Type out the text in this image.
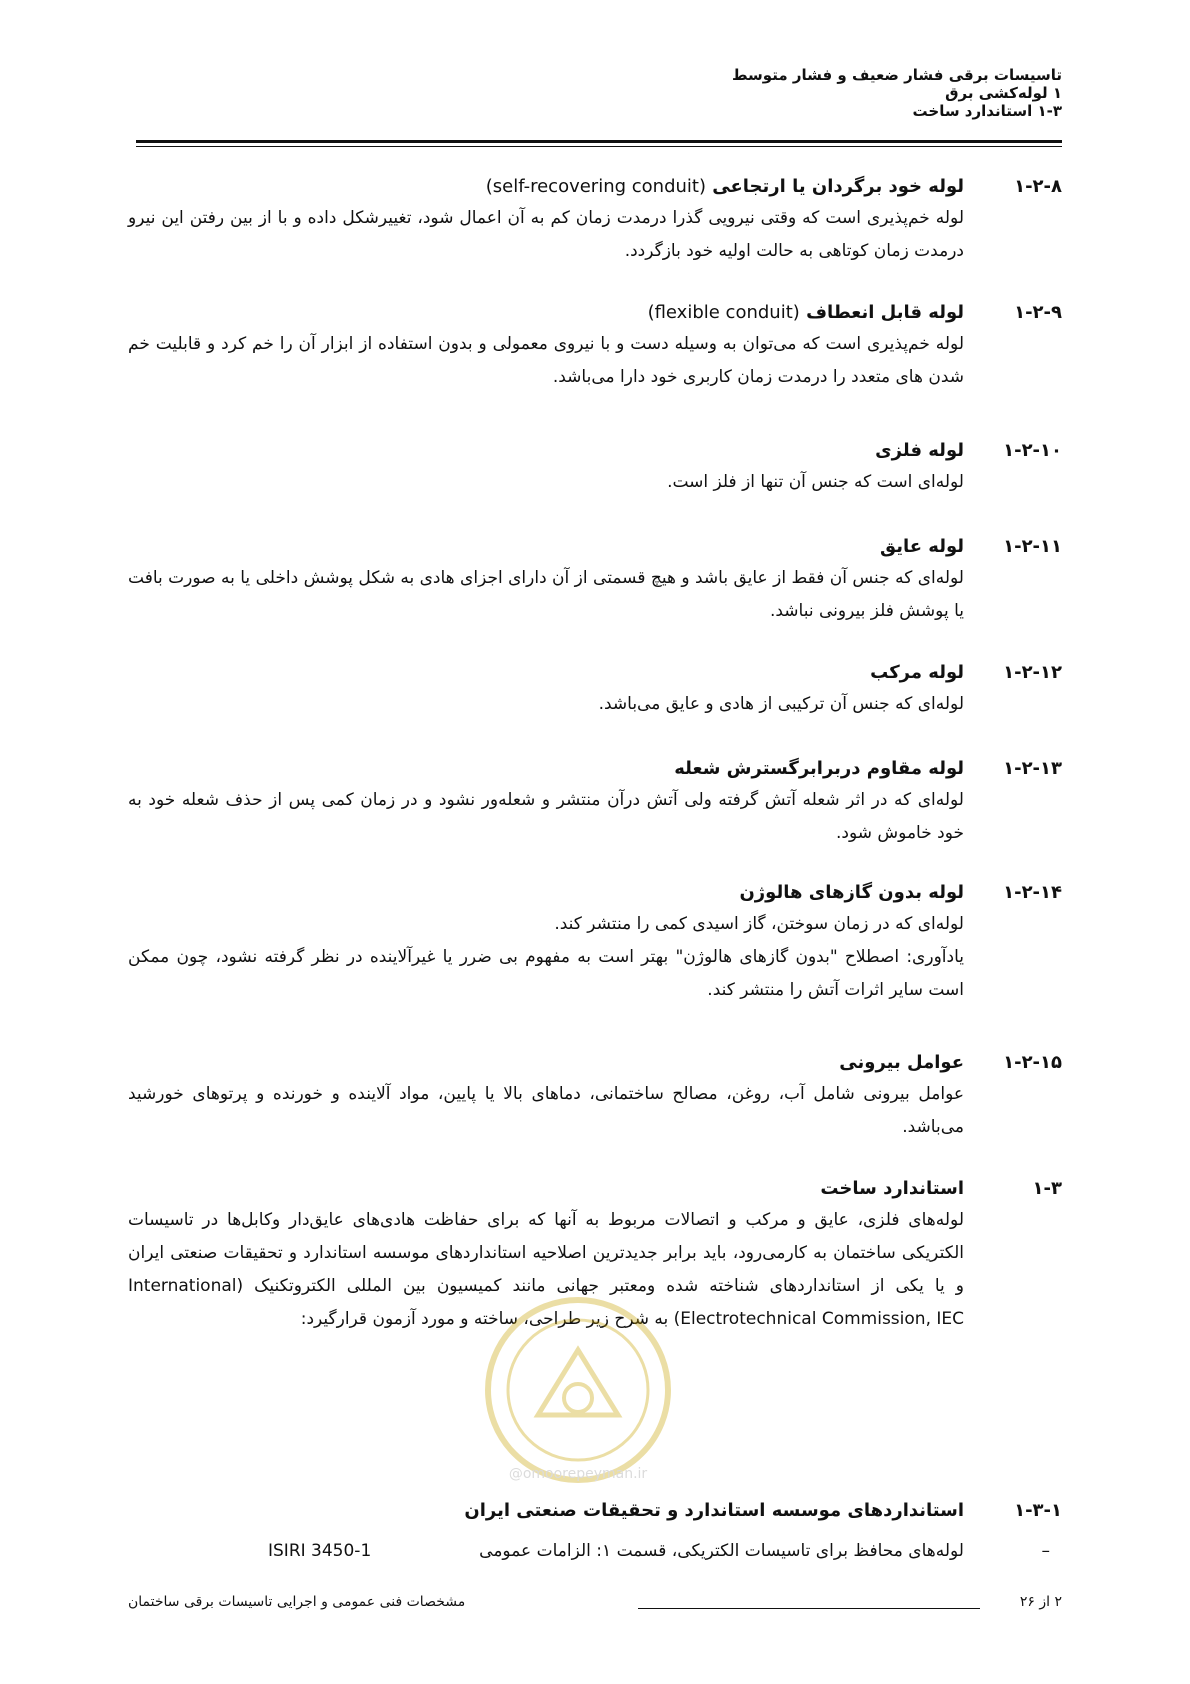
تاسیسات برقی فشار ضعیف و فشار متوسط
۱ لوله‌کشی برق
۱-۳ استاندارد ساخت
۱-۲-۸
لوله خود برگردان یا ارتجاعی (self-recovering conduit)

لوله خم‌پذیری است که وقتی نیرویی گذرا درمدت زمان کم به آن اعمال شود، تغییرشکل داده و با از بین رفتن این نیرو درمدت زمان کوتاهی به حالت اولیه خود بازگردد.

۱-۲-۹
لوله قابل انعطاف (flexible conduit)

لوله خم‌پذیری است که می‌توان به وسیله دست و با نیروی معمولی و بدون استفاده از ابزار آن را خم کرد و قابلیت خم شدن های متعدد را درمدت زمان کاربری خود دارا می‌باشد.

۱-۲-۱۰
لوله فلزی

لوله‌ای است که جنس آن تنها از فلز است.

۱-۲-۱۱
لوله عایق

لوله‌ای که جنس آن فقط از عایق باشد و هیچ قسمتی از آن دارای اجزای هادی به شکل پوشش داخلی یا به صورت بافت یا پوشش فلز بیرونی نباشد.

۱-۲-۱۲
لوله مرکب

لوله‌ای که جنس آن ترکیبی از هادی و عایق می‌باشد.

۱-۲-۱۳
لوله مقاوم دربرابرگسترش شعله

لوله‌ای که در اثر شعله آتش گرفته ولی آتش درآن منتشر و شعله‌ور نشود و در زمان کمی پس از حذف شعله خود به خود خاموش شود.

۱-۲-۱۴
لوله بدون گازهای هالوژن

لوله‌ای که در زمان سوختن، گاز اسیدی کمی را منتشر کند.

یادآوری: اصطلاح "بدون گازهای هالوژن" بهتر است به مفهوم بی ضرر یا غیرآلاینده در نظر گرفته نشود، چون ممکن است سایر اثرات آتش را منتشر کند.

۱-۲-۱۵
عوامل بیرونی

عوامل بیرونی شامل آب، روغن، مصالح ساختمانی، دماهای بالا یا پایین، مواد آلاینده و خورنده و پرتوهای خورشید می‌باشد.

۱-۳
استاندارد ساخت

لوله‌های فلزی، عایق و مرکب و اتصالات مربوط به آنها که برای حفاظت هادی‌های عایق‌دار وکابل‌ها در تاسیسات الکتریکی ساختمان به کارمی‌رود، باید برابر جدیدترین اصلاحیه استانداردهای موسسه استاندارد و تحقیقات صنعتی ایران و یا یکی از استانداردهای شناخته شده ومعتبر جهانی مانند کمیسیون بین المللی الکتروتکنیک (International Electrotechnical Commission, IEC) به شرح زیر طراحی، ساخته و مورد آزمون قرارگیرد:

۱-۳-۱
استانداردهای موسسه استاندارد و تحقیقات صنعتی ایران
–
لوله‌های محافظ برای تاسیسات الکتریکی، قسمت ۱: الزامات عمومی
ISIRI 3450-1
@omoorepeyman.ir
۲ از ۲۶
مشخصات فنی عمومی و اجرایی تاسیسات برقی ساختمان
